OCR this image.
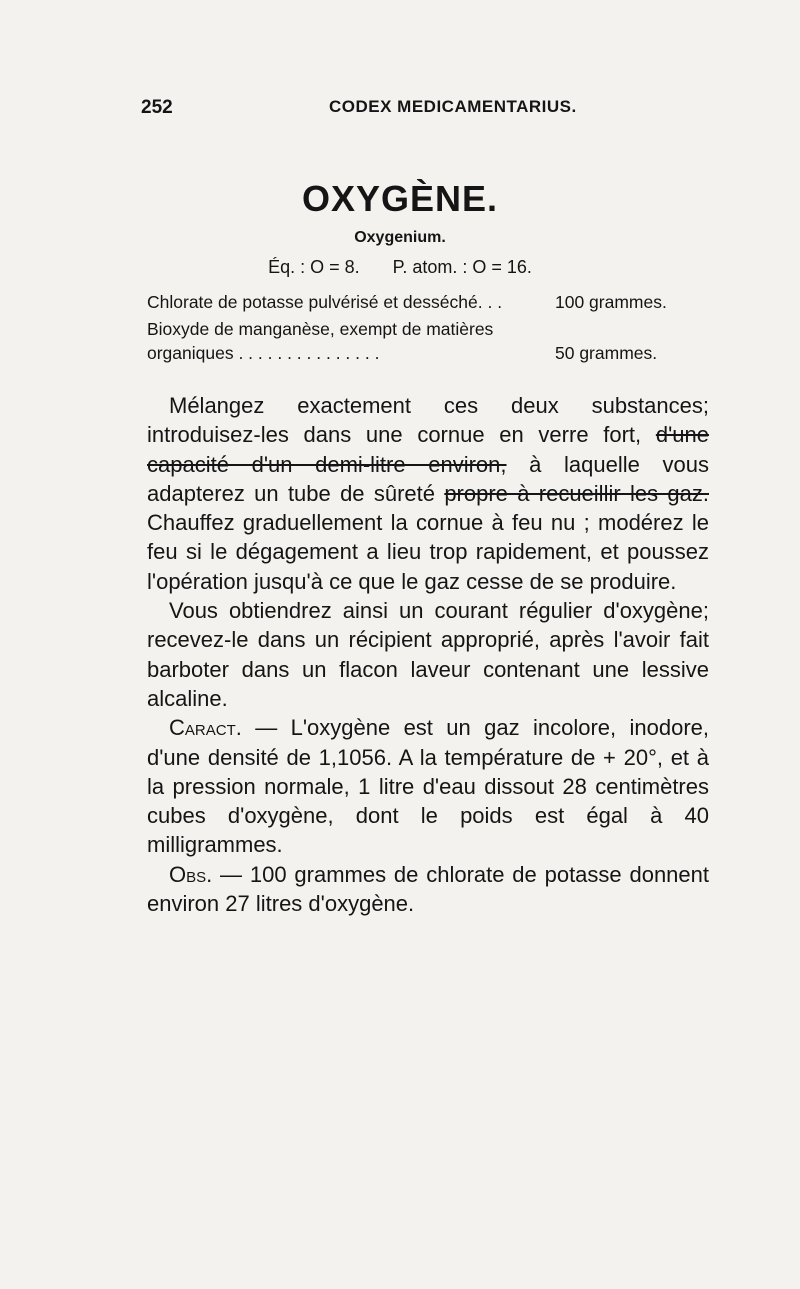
252	CODEX MEDICAMENTARIUS.
OXYGÈNE.
Oxygenium.
Éq. : O = 8. P. atom. : O = 16.
Chlorate de potasse pulvérisé et desséché. . .	100 grammes.
Bioxyde de manganèse, exempt de matières
organiques . . . . . . . . . . . . . . .	50 grammes.

Mélangez exactement ces deux substances; introduisez-les dans une cornue en verre fort, d'une capacité d'un demi-litre environ, à laquelle vous adapterez un tube de sûreté propre à recueillir les gaz. Chauffez graduellement la cornue à feu nu ; modérez le feu si le dégagement a lieu trop rapidement, et poussez l'opération jusqu'à ce que le gaz cesse de se produire.

Vous obtiendrez ainsi un courant régulier d'oxygène; recevez-le dans un récipient approprié, après l'avoir fait barboter dans un flacon laveur contenant une lessive alcaline.

Caract. — L'oxygène est un gaz incolore, inodore, d'une densité de 1,1056. A la température de + 20°, et à la pression normale, 1 litre d'eau dissout 28 centimètres cubes d'oxygène, dont le poids est égal à 40 milligrammes.

Obs. — 100 grammes de chlorate de potasse donnent environ 27 litres d'oxygène.
